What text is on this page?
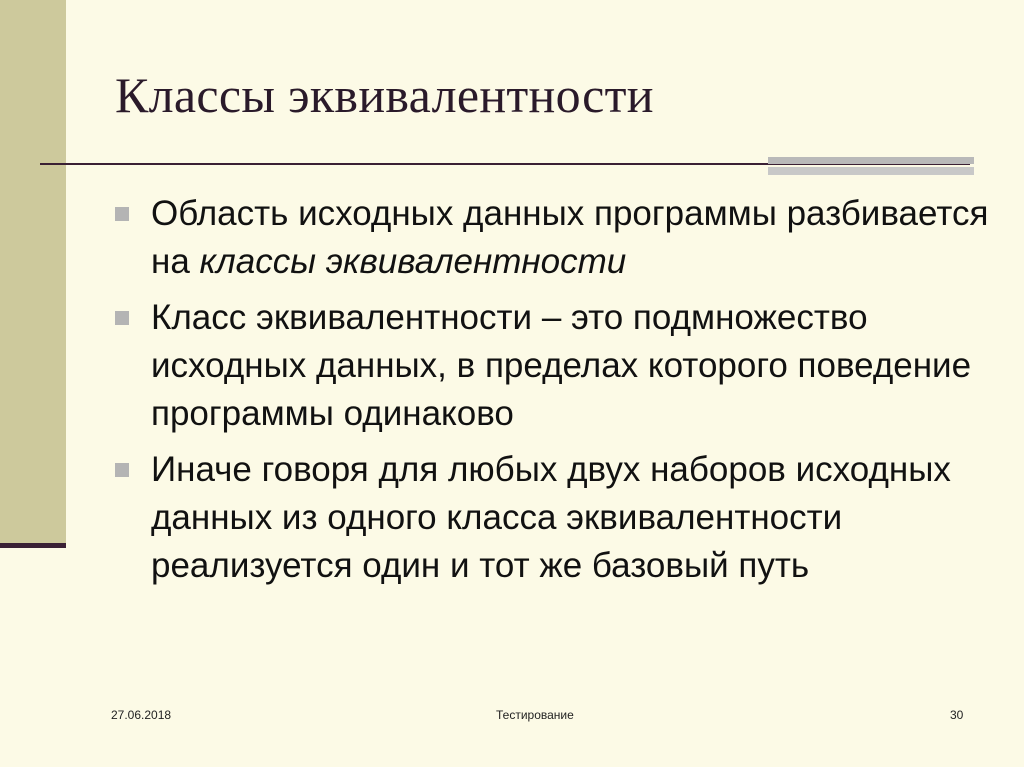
Классы эквивалентности
Область исходных данных программы разбивается на классы эквивалентности
Класс эквивалентности – это подмножество исходных данных, в пределах которого поведение программы одинаково
Иначе говоря для любых двух наборов исходных данных из одного класса эквивалентности реализуется один и тот же базовый путь
27.06.2018	Тестирование	30
